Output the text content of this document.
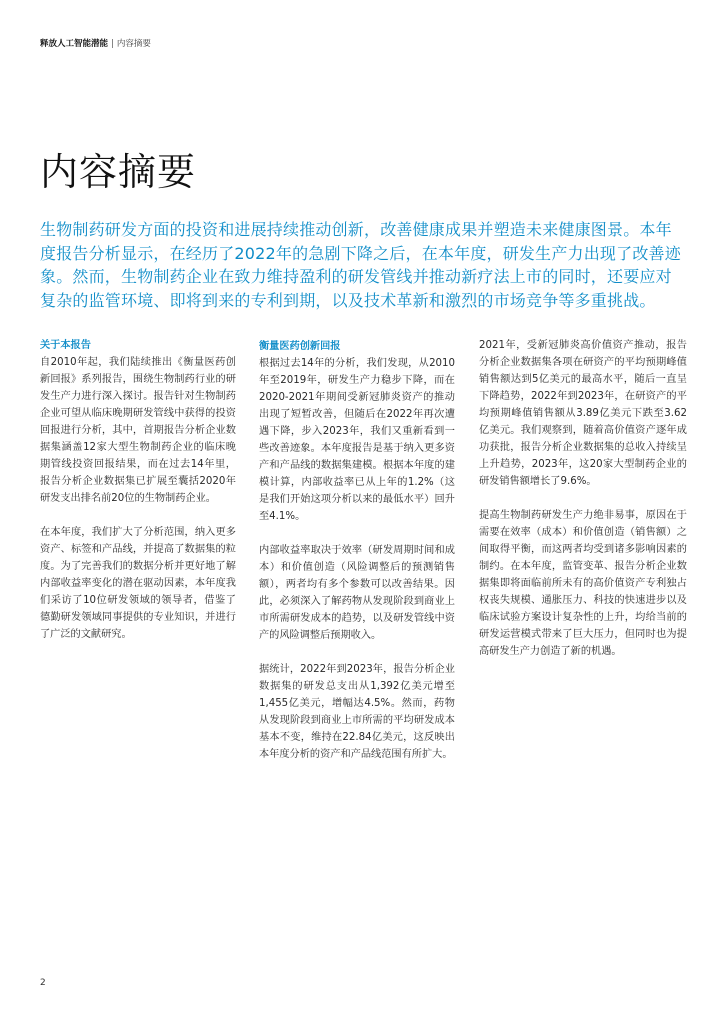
释放人工智能潜能 | 内容摘要
内容摘要

生物制药研发方面的投资和进展持续推动创新，改善健康成果并塑造未来健康图景。本年度报告分析显示，在经历了2022年的急剧下降之后，在本年度，研发生产力出现了改善迹象。然而，生物制药企业在致力维持盈利的研发管线并推动新疗法上市的同时，还要应对复杂的监管环境、即将到来的专利到期，以及技术革新和激烈的市场竞争等多重挑战。

关于本报告

自2010年起，我们陆续推出《衡量医药创新回报》系列报告，围绕生物制药行业的研发生产力进行深入探讨。报告针对生物制药企业可望从临床晚期研发管线中获得的投资回报进行分析，其中，首期报告分析企业数据集涵盖12家大型生物制药企业的临床晚期管线投资回报结果，而在过去14年里，报告分析企业数据集已扩展至囊括2020年研发支出排名前20位的生物制药企业。

在本年度，我们扩大了分析范围，纳入更多资产、标签和产品线，并提高了数据集的粒度。为了完善我们的数据分析并更好地了解内部收益率变化的潜在驱动因素，本年度我们采访了10位研发领域的领导者，借鉴了德勤研发领域同事提供的专业知识，并进行了广泛的文献研究。

衡量医药创新回报

根据过去14年的分析，我们发现，从2010年至2019年，研发生产力稳步下降，而在2020-2021年期间受新冠肺炎资产的推动出现了短暂改善，但随后在2022年再次遭遇下降，步入2023年，我们又重新看到一些改善迹象。本年度报告是基于纳入更多资产和产品线的数据集建模。根据本年度的建模计算，内部收益率已从上年的1.2%（这是我们开始这项分析以来的最低水平）回升至4.1%。

内部收益率取决于效率（研发周期时间和成本）和价值创造（风险调整后的预测销售额），两者均有多个参数可以改善结果。因此，必须深入了解药物从发现阶段到商业上市所需研发成本的趋势，以及研发管线中资产的风险调整后预期收入。

据统计，2022年到2023年，报告分析企业数据集的研发总支出从1,392亿美元增至1,455亿美元，增幅达4.5%。然而，药物从发现阶段到商业上市所需的平均研发成本基本不变，维持在22.84亿美元，这反映出本年度分析的资产和产品线范围有所扩大。

2021年，受新冠肺炎高价值资产推动，报告分析企业数据集各项在研资产的平均预期峰值销售额达到5亿美元的最高水平，随后一直呈下降趋势，2022年到2023年，在研资产的平均预期峰值销售额从3.89亿美元下跌至3.62亿美元。我们观察到，随着高价值资产逐年成功获批，报告分析企业数据集的总收入持续呈上升趋势，2023年，这20家大型制药企业的研发销售额增长了9.6%。

提高生物制药研发生产力绝非易事，原因在于需要在效率（成本）和价值创造（销售额）之间取得平衡，而这两者均受到诸多影响因素的制约。在本年度，监管变革、报告分析企业数据集即将面临前所未有的高价值资产专利独占权丧失规模、通胀压力、科技的快速进步以及临床试验方案设计复杂性的上升，均给当前的研发运营模式带来了巨大压力，但同时也为提高研发生产力创造了新的机遇。

2
